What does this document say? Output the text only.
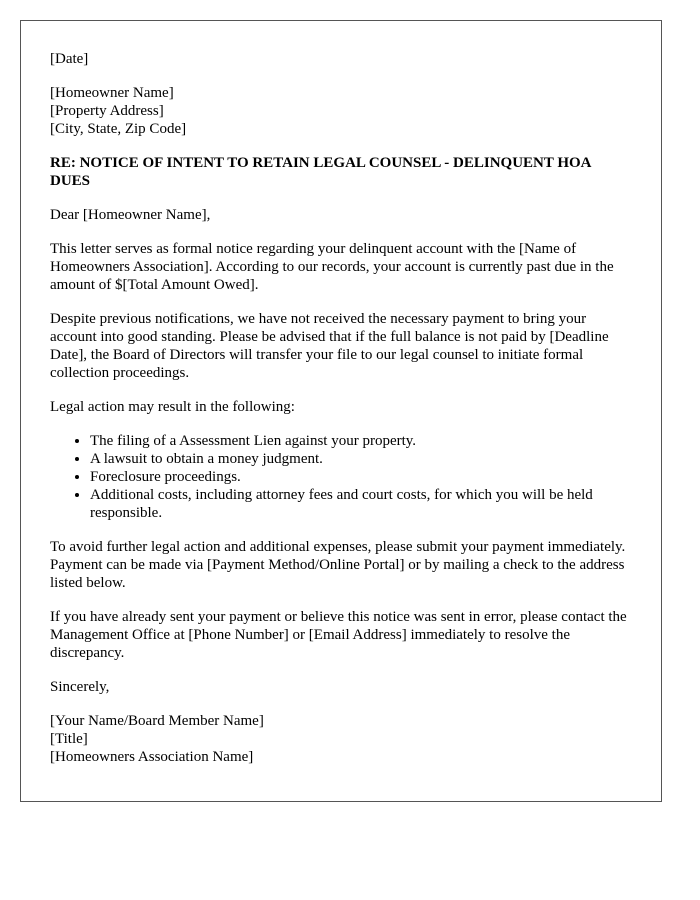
[Date]
[Homeowner Name]
[Property Address]
[City, State, Zip Code]
RE: NOTICE OF INTENT TO RETAIN LEGAL COUNSEL - DELINQUENT HOA DUES

Dear [Homeowner Name],

This letter serves as formal notice regarding your delinquent account with the [Name of Homeowners Association]. According to our records, your account is currently past due in the amount of $[Total Amount Owed].

Despite previous notifications, we have not received the necessary payment to bring your account into good standing. Please be advised that if the full balance is not paid by [Deadline Date], the Board of Directors will transfer your file to our legal counsel to initiate formal collection proceedings.

Legal action may result in the following:

• The filing of a Assessment Lien against your property.
• A lawsuit to obtain a money judgment.
• Foreclosure proceedings.
• Additional costs, including attorney fees and court costs, for which you will be held responsible.

To avoid further legal action and additional expenses, please submit your payment immediately. Payment can be made via [Payment Method/Online Portal] or by mailing a check to the address listed below.

If you have already sent your payment or believe this notice was sent in error, please contact the Management Office at [Phone Number] or [Email Address] immediately to resolve the discrepancy.

Sincerely,

[Your Name/Board Member Name]
[Title]
[Homeowners Association Name]
